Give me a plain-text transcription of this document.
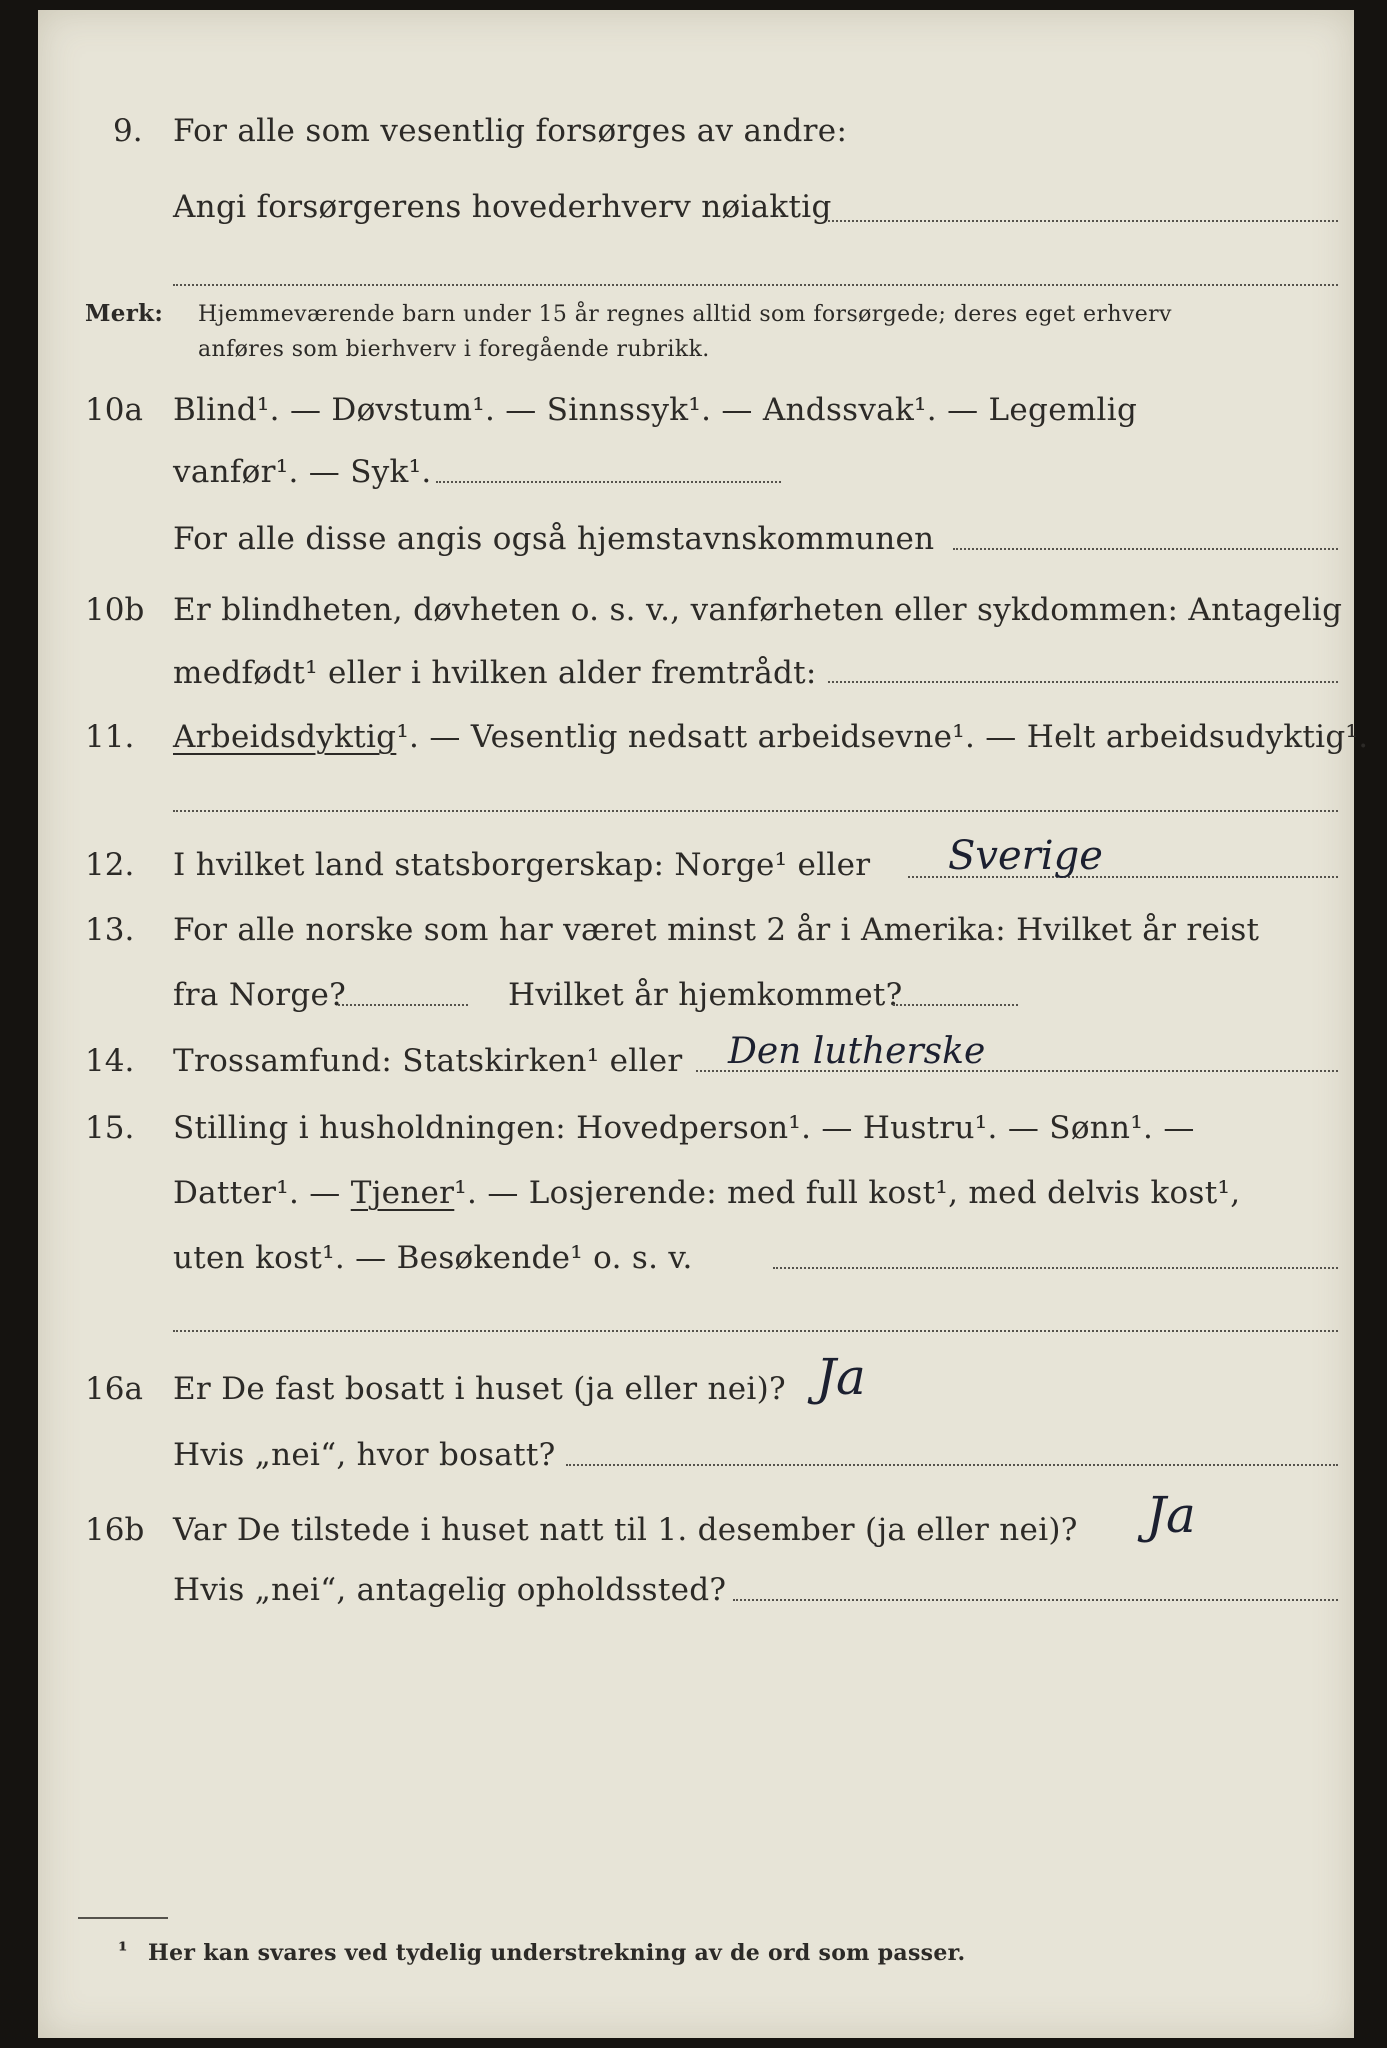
9. For alle som vesentlig forsørges av andre:
Angi forsørgerens hovederhverv nøiaktig
Merk: Hjemmeværende barn under 15 år regnes alltid som forsørgede; deres eget erhverv
anføres som bierhverv i foregående rubrikk.
10a Blind¹. — Døvstum¹. — Sinnssyk¹. — Andssvak¹. — Legemlig
vanfør¹. — Syk¹.
For alle disse angis også hjemstavnskommunen
10b Er blindheten, døvheten o. s. v., vanførheten eller sykdommen: Antagelig
medfødt¹ eller i hvilken alder fremtrådt:
11. Arbeidsdyktig¹. — Vesentlig nedsatt arbeidsevne¹. — Helt arbeidsudyktig¹.
12. I hvilket land statsborgerskap: Norge¹ eller Sverige
13. For alle norske som har været minst 2 år i Amerika: Hvilket år reist
fra Norge?	Hvilket år hjemkommet?
14. Trossamfund: Statskirken¹ eller Den lutherske
15. Stilling i husholdningen: Hovedperson¹. — Hustru¹. — Sønn¹. —
Datter¹. — Tjener¹. — Losjerende: med full kost¹, med delvis kost¹,
uten kost¹. — Besøkende¹ o. s. v.
16a Er De fast bosatt i huset (ja eller nei)? Ja
Hvis „nei“, hvor bosatt?
16b Var De tilstede i huset natt til 1. desember (ja eller nei)? Ja
Hvis „nei“, antagelig opholdssted?
¹ Her kan svares ved tydelig understrekning av de ord som passer.
